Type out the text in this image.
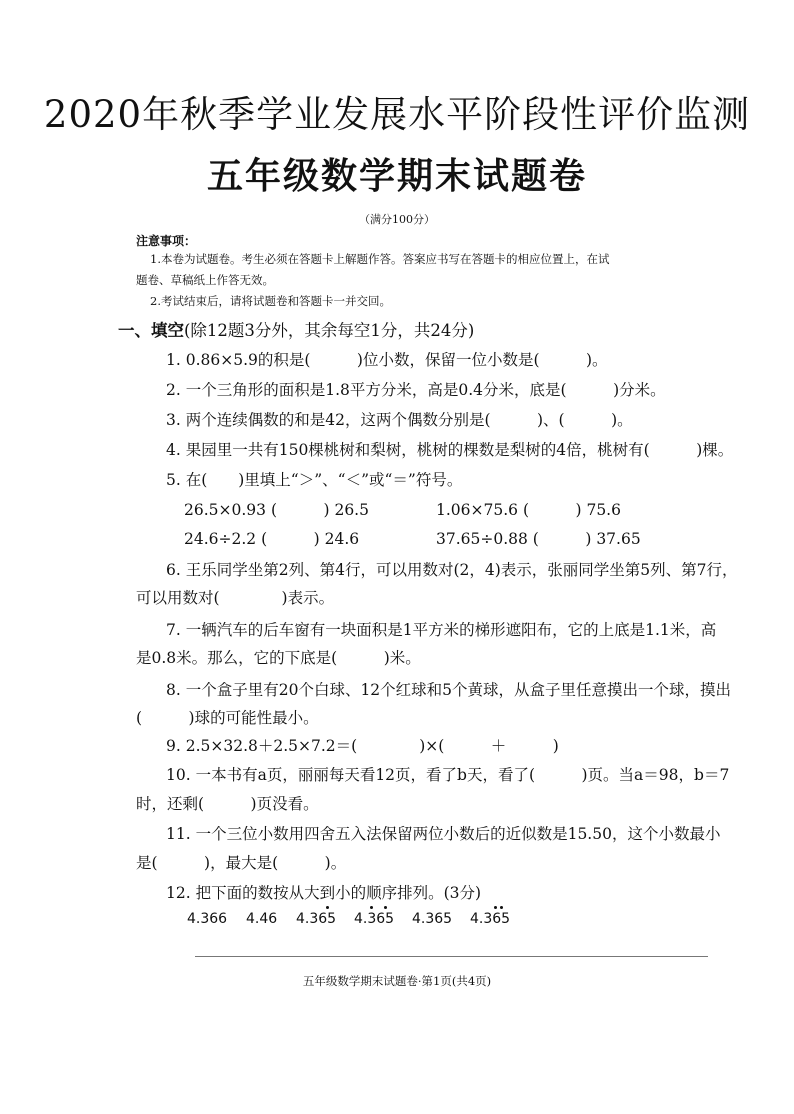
2020年秋季学业发展水平阶段性评价监测
五年级数学期末试题卷
（满分100分）
注意事项：
1.本卷为试题卷。考生必须在答题卡上解题作答。答案应书写在答题卡的相应位置上，在试
题卷、草稿纸上作答无效。
2.考试结束后，请将试题卷和答题卡一并交回。
一、填空(除12题3分外，其余每空1分，共24分)
1. 0.86×5.9的积是(　　　)位小数，保留一位小数是(　　　)。
2. 一个三角形的面积是1.8平方分米，高是0.4分米，底是(　　　)分米。
3. 两个连续偶数的和是42，这两个偶数分别是(　　　)、(　　　)。
4. 果园里一共有150棵桃树和梨树，桃树的棵数是梨树的4倍，桃树有(　　　)棵。
5. 在(　　)里填上“＞”、“＜”或“＝”符号。
26.5×0.93 (　　　) 26.5	1.06×75.6 (　　　) 75.6
24.6÷2.2 (　　　) 24.6	37.65÷0.88 (　　　) 37.65
6. 王乐同学坐第2列、第4行，可以用数对(2，4)表示，张丽同学坐第5列、第7行，
可以用数对(　　　　)表示。
7. 一辆汽车的后车窗有一块面积是1平方米的梯形遮阳布，它的上底是1.1米，高
是0.8米。那么，它的下底是(　　　)米。
8. 一个盒子里有20个白球、12个红球和5个黄球，从盒子里任意摸出一个球，摸出
(　　　)球的可能性最小。
9. 2.5×32.8＋2.5×7.2＝(　　　　)×(　　　＋　　　)
10. 一本书有a页，丽丽每天看12页，看了b天，看了(　　　)页。当a＝98，b＝7
时，还剩(　　　)页没看。
11. 一个三位小数用四舍五入法保留两位小数后的近似数是15.50，这个小数最小
是(　　　)，最大是(　　　)。
12. 把下面的数按从大到小的顺序排列。(3分)
4.366 4.46 4.365 4.365 4.365 4.365
五年级数学期末试题卷·第1页(共4页)
